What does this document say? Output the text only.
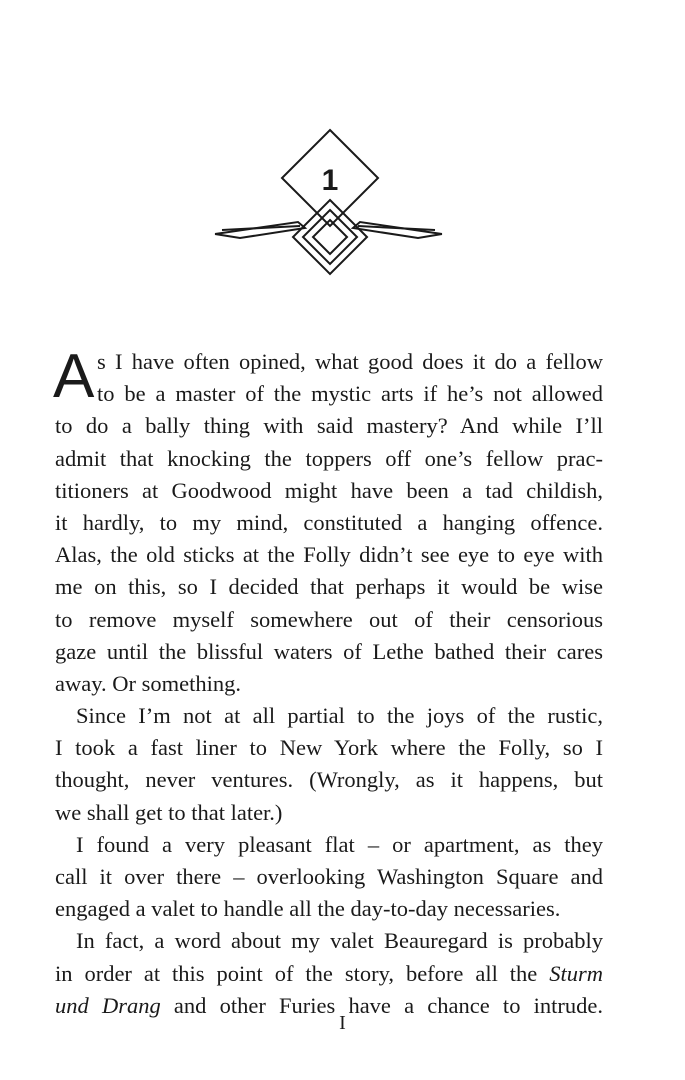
1
A s I have often opined, what good does it do a fellow
to be a master of the mystic arts if he’s not allowed
to do a bally thing with said mastery? And while I’ll
admit that knocking the toppers off one’s fellow prac-
titioners at Goodwood might have been a tad childish,
it hardly, to my mind, constituted a hanging offence.
Alas, the old sticks at the Folly didn’t see eye to eye with
me on this, so I decided that perhaps it would be wise
to remove myself somewhere out of their censorious
gaze until the blissful waters of Lethe bathed their cares
away. Or something.
Since I’m not at all partial to the joys of the rustic,
I took a fast liner to New York where the Folly, so I
thought, never ventures. (Wrongly, as it happens, but
we shall get to that later.)
I found a very pleasant flat – or apartment, as they
call it over there – overlooking Washington Square and
engaged a valet to handle all the day-to-day necessaries.
In fact, a word about my valet Beauregard is probably
in order at this point of the story, before all the Sturm
und Drang and other Furies have a chance to intrude.
I
